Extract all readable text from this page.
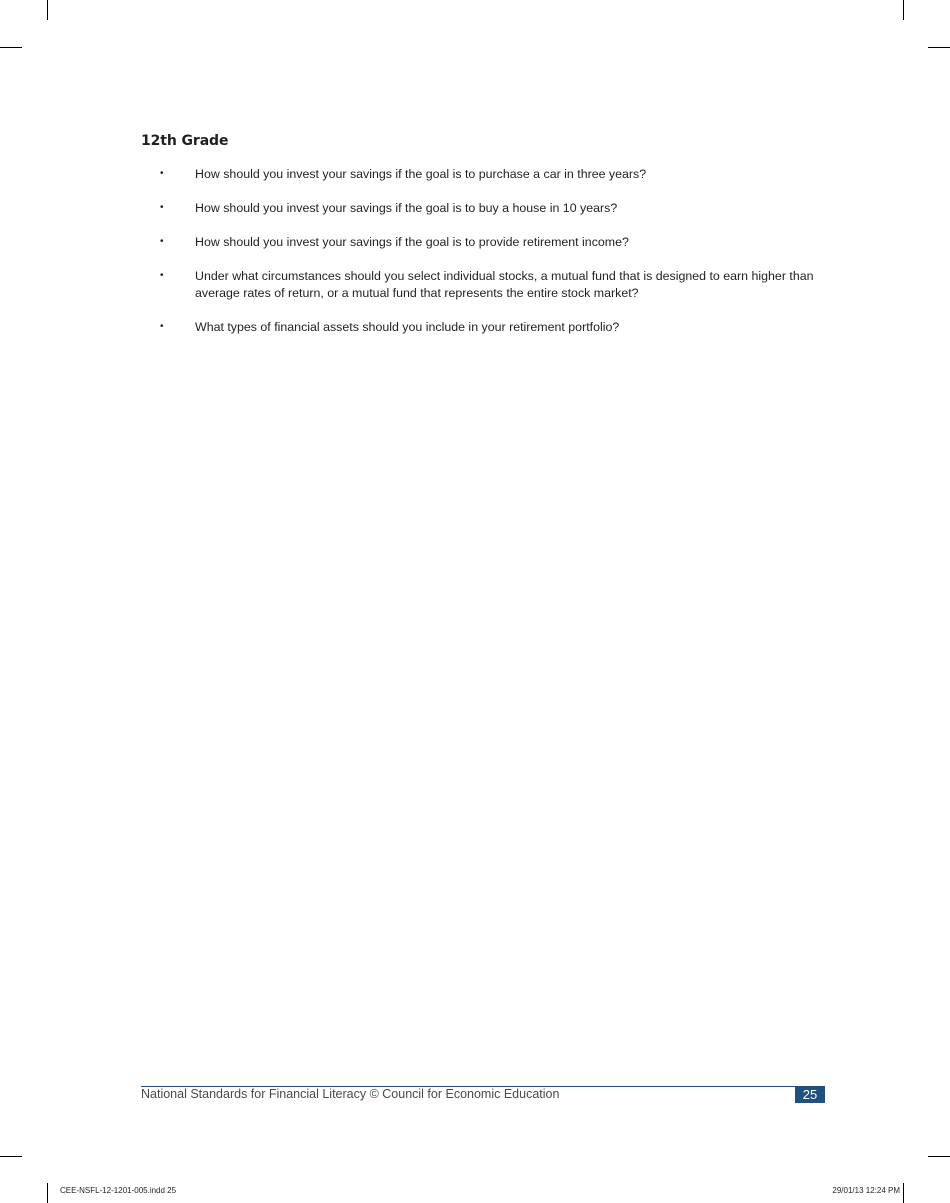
12th Grade
•	How should you invest your savings if the goal is to purchase a car in three years?
•	How should you invest your savings if the goal is to buy a house in 10 years?
•	How should you invest your savings if the goal is to provide retirement income?
•	Under what circumstances should you select individual stocks, a mutual fund that is designed to earn higher than average rates of return, or a mutual fund that represents the entire stock market?
•	What types of financial assets should you include in your retirement portfolio?
National Standards for Financial Literacy © Council for Economic Education	25
CEE-NSFL-12-1201-005.indd 25	29/01/13 12:24 PM
